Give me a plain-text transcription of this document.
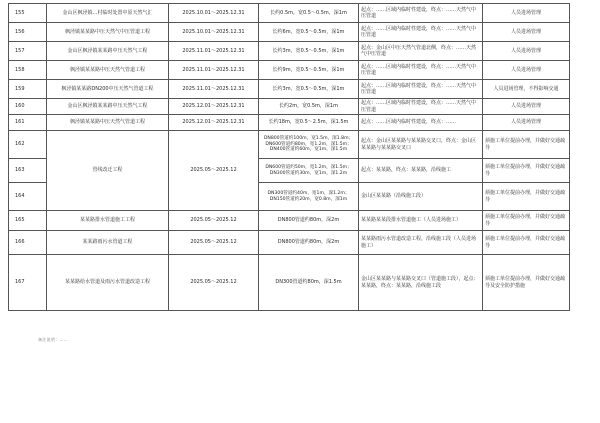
155	金山区枫泾镇…村临时处置中原天然气汇	2025.10.01～2025.12.31	长约0.5m，宽0.5～0.5m，深1m	起点：……区域内临时性建设，终点：……天然气中压管道	人员进场管理
156	枫泾镇某某路中压天然气中压管道工程	2025.10.01～2025.12.31	长约6m，宽0.5～0.5m，深1m	起点：……区域内临时性建设，终点：……天然气中压管道	人员进场管理
157	金山区枫泾镇某某路中压天然气工程	2025.11.01～2025.12.31	长约3m，宽0.5～0.5m，深1m	起点：金山区中压天然气管道北侧，终点：……天然气中压管道	人员进场管理
158	枫泾镇某某路中压天然气管道工程	2025.11.01～2025.12.31	长约9m，宽0.5～0.5m，深1m	起点：……区域内临时性建设，终点：……天然气中压管道	人员进场管理
159	枫泾镇某某路DN200中压天然气管道工程	2025.11.01～2025.12.31	长约3m，宽0.5～0.5m，深1m	起点：……区域内临时性建设，终点：……天然气中压管道	人员进场管理，不得影响交通
160	金山区枫泾镇某某路中压天然气工程	2025.12.01～2025.12.31	长约2m，宽0.5m，深1m	起点：……区域内临时性建设，终点：……天然气中压管道	人员进场管理
161	枫泾镇某某路中压天然气管道工程	2025.12.01～2025.12.31	长约18m，宽0.5～2.5m，深1.5m	起点：……区域内临时性建设，终点：……	人员进场管理
162	管线改迁工程	2025.05～2025.12	DN800管道约100m，宽1.5m，深1.8m；DN600管道约80m，宽1.2m，深1.5m；DN400管道约60m，宽1m，深1.5m	起点：金山区某某路与某某路交叉口，终点：金山区某某路与某某路交叉口	须施工单位提前办理，并做好交通疏导
163			DN600管道约50m，宽1.2m，深1.5m；DN300管道约30m，宽1m，深1.2m	起点：某某路，终点：某某路，沿线施工	须施工单位提前办理，并做好交通疏导
164			DN300管道约40m，宽1m，深1.2m；DN150管道约20m，宽0.8m，深1m	金山区某某路（沿线施工段）	须施工单位提前办理，并做好交通疏导
165	某某路排水管道施工工程	2025.05～2025.12	DN800管道约80m，深2m	某某路某某段排水管道施工（人员进场施工）	须施工单位提前办理，并做好交通疏导
166	某某路雨污水管道工程	2025.05～2025.12	DN800管道约80m，深2m	某某路雨污水管道改造工程，沿线施工段（人员进场施工）	须施工单位提前办理，并做好交通疏导
167	某某路给水管道及雨污水管道改造工程	2025.05～2025.12	DN300管道约80m，深1.5m	金山区某某路与某某路交叉口（管道施工段），起点：某某路，终点：某某路，沿线施工段	须施工单位提前办理，并做好交通疏导及安全防护措施
备注说明：……
